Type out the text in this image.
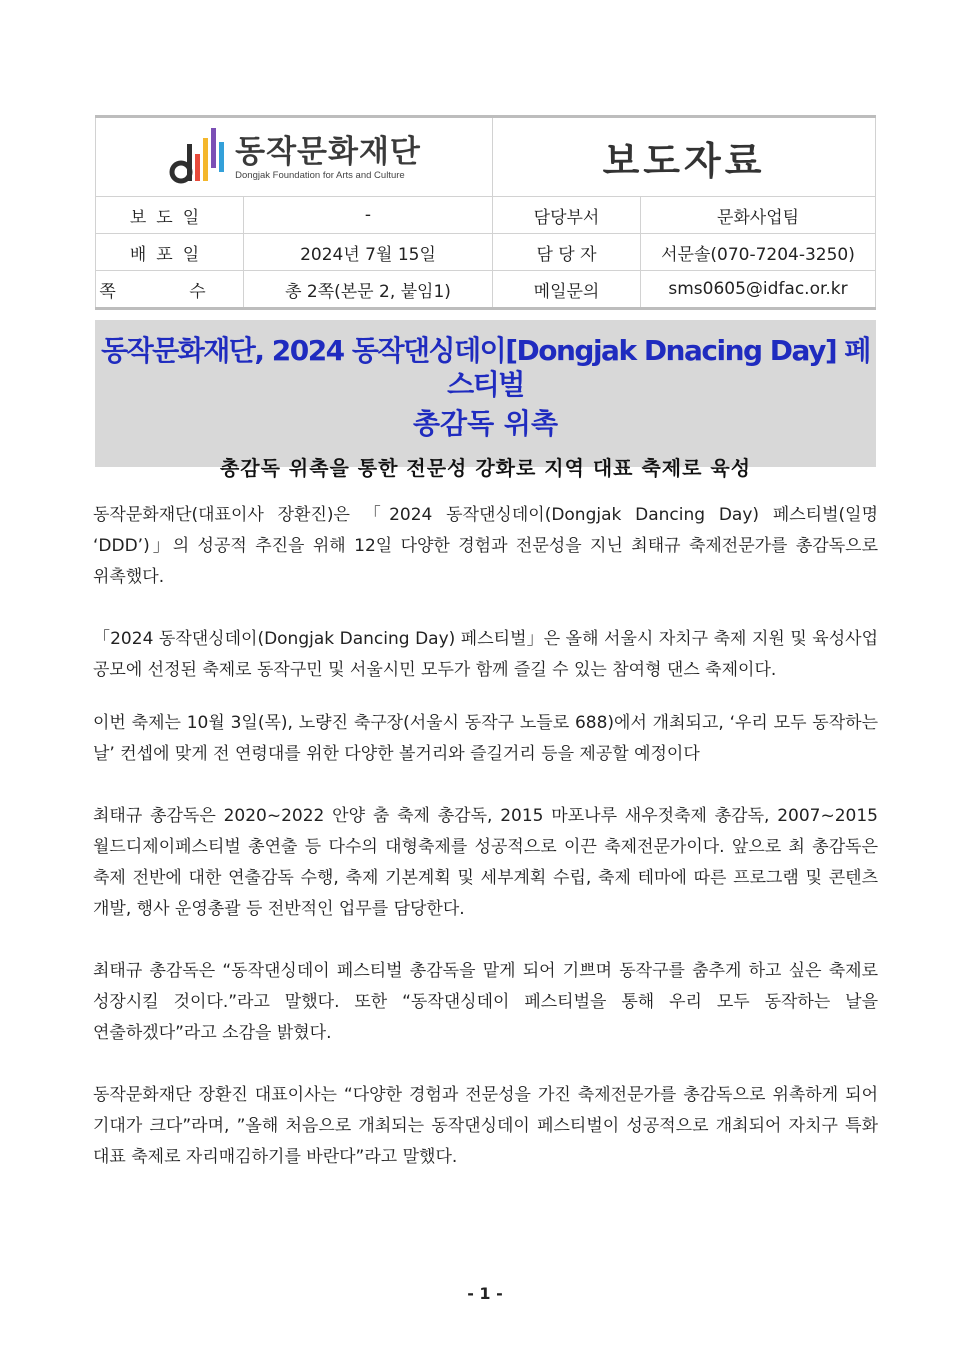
동작문화재단
Dongjak Foundation for Arts and Culture		보도자료	
보도일	-	담당부서	문화사업팀
배포일	2024년 7월 15일	담 당 자	서문솔(070-7204-3250)
쪽 수	총 2쪽(본문 2, 붙임1)	메일문의	sms0605@idfac.or.kr
동작문화재단, 2024 동작댄싱데이[Dongjak Dnacing Day] 페스티벌
총감독 위촉
총감독 위촉을 통한 전문성 강화로 지역 대표 축제로 육성

동작문화재단(대표이사 장환진)은 「2024 동작댄싱데이(Dongjak Dancing Day) 페스티벌(일명 ‘DDD’)」의 성공적 추진을 위해 12일 다양한 경험과 전문성을 지닌 최태규 축제전문가를 총감독으로 위촉했다.

「2024 동작댄싱데이(Dongjak Dancing Day) 페스티벌」은 올해 서울시 자치구 축제 지원 및 육성사업 공모에 선정된 축제로 동작구민 및 서울시민 모두가 함께 즐길 수 있는 참여형 댄스 축제이다.

이번 축제는 10월 3일(목), 노량진 축구장(서울시 동작구 노들로 688)에서 개최되고, ‘우리 모두 동작하는 날’ 컨셉에 맞게 전 연령대를 위한 다양한 볼거리와 즐길거리 등을 제공할 예정이다

최태규 총감독은 2020~2022 안양 춤 축제 총감독, 2015 마포나루 새우젓축제 총감독, 2007~2015 월드디제이페스티벌 총연출 등 다수의 대형축제를 성공적으로 이끈 축제전문가이다. 앞으로 최 총감독은 축제 전반에 대한 연출감독 수행, 축제 기본계획 및 세부계획 수립, 축제 테마에 따른 프로그램 및 콘텐츠 개발, 행사 운영총괄 등 전반적인 업무를 담당한다.

최태규 총감독은 “동작댄싱데이 페스티벌 총감독을 맡게 되어 기쁘며 동작구를 춤추게 하고 싶은 축제로 성장시킬 것이다.”라고 말했다. 또한 “동작댄싱데이 페스티벌을 통해 우리 모두 동작하는 날을 연출하겠다”라고 소감을 밝혔다.

동작문화재단 장환진 대표이사는 “다양한 경험과 전문성을 가진 축제전문가를 총감독으로 위촉하게 되어 기대가 크다”라며, ”올해 처음으로 개최되는 동작댄싱데이 페스티벌이 성공적으로 개최되어 자치구 특화 대표 축제로 자리매김하기를 바란다”라고 말했다.

- 1 -
